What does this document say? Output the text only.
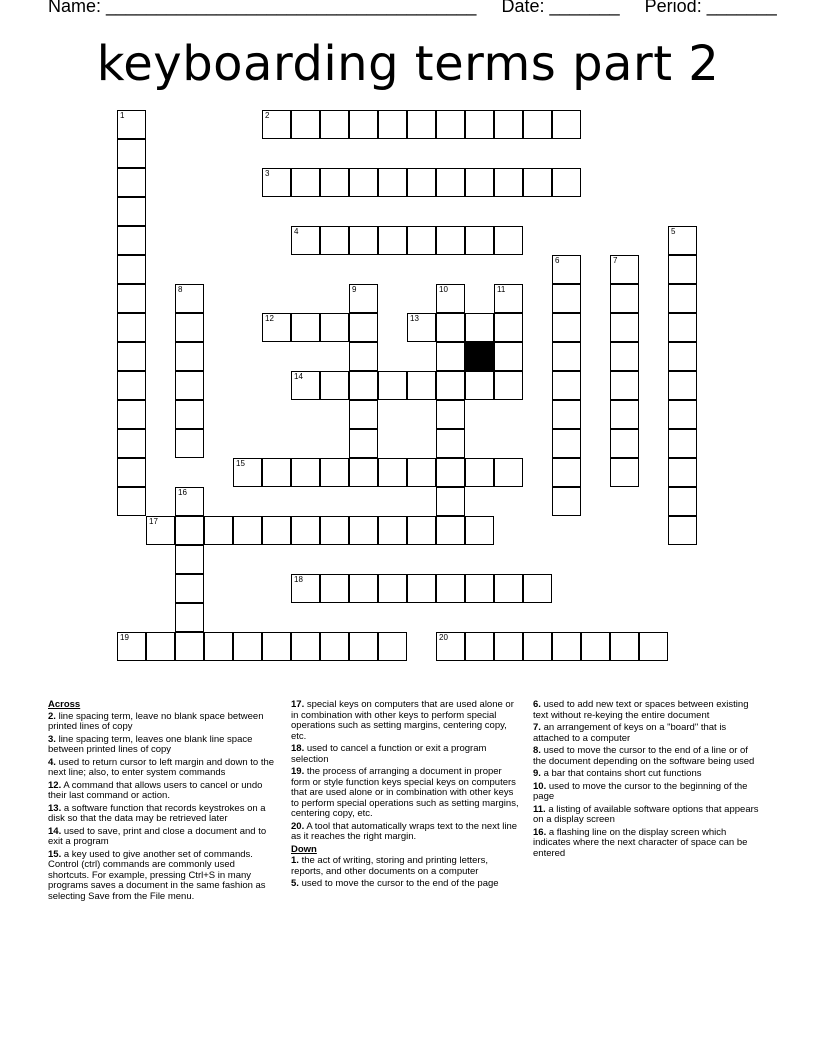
Name: _____________________________________ Date: _______ Period: _______
keyboarding terms part 2
1	2
3
4	5
6	7
8	9	10	11
12	13
14
15
16
17
18
19	20

Across

2. line spacing term, leave no blank space between printed lines of copy

3. line spacing term, leaves one blank line space between printed lines of copy

4. used to return cursor to left margin and down to the next line; also, to enter system commands

12. A command that allows users to cancel or undo their last command or action.

13. a software function that records keystrokes on a disk so that the data may be retrieved later

14. used to save, print and close a document and to exit a program

15. a key used to give another set of commands. Control (ctrl) commands are commonly used shortcuts. For example, pressing Ctrl+S in many programs saves a document in the same fashion as selecting Save from the File menu.

17. special keys on computers that are used alone or in combination with other keys to perform special operations such as setting margins, centering copy, etc.

18. used to cancel a function or exit a program selection

19. the process of arranging a document in proper form or style function keys special keys on computers that are used alone or in combination with other keys to perform special operations such as setting margins, centering copy, etc.

20. A tool that automatically wraps text to the next line as it reaches the right margin.

Down

1. the act of writing, storing and printing letters, reports, and other documents on a computer

5. used to move the cursor to the end of the page

6. used to add new text or spaces between existing text without re-keying the entire document

7. an arrangement of keys on a "board" that is attached to a computer

8. used to move the cursor to the end of a line or of the document depending on the software being used

9. a bar that contains short cut functions

10. used to move the cursor to the beginning of the page

11. a listing of available software options that appears on a display screen

16. a flashing line on the display screen which indicates where the next character of space can be entered
